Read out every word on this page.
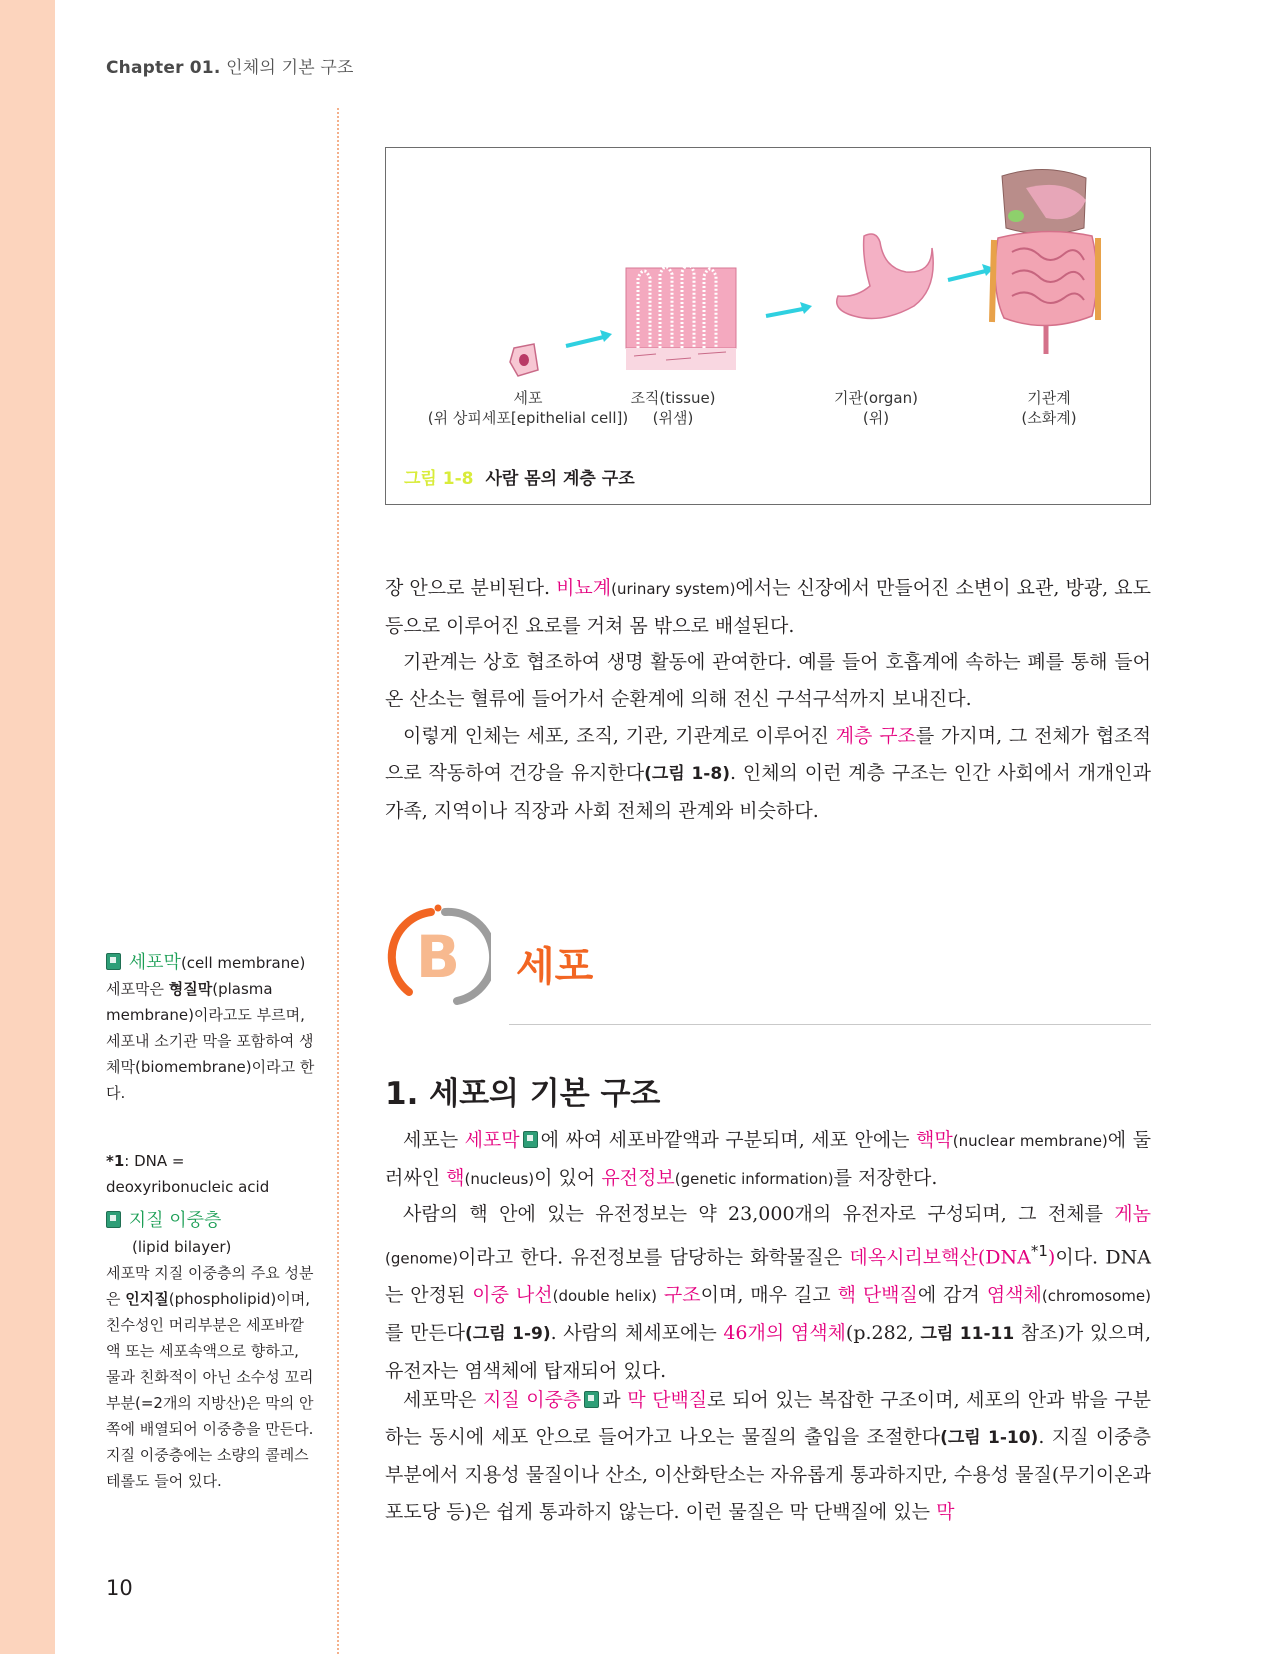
Chapter 01. 인체의 기본 구조
세포
(위 상피세포[epithelial cell])
조직(tissue)
(위샘)
기관(organ)
(위)
기관계
(소화계)
그림 1-8 사람 몸의 계층 구조
장 안으로 분비된다. 비뇨계(urinary system)에서는 신장에서 만들어진 소변이 요관, 방광, 요도 등으로 이루어진 요로를 거쳐 몸 밖으로 배설된다.
기관계는 상호 협조하여 생명 활동에 관여한다. 예를 들어 호흡계에 속하는 폐를 통해 들어온 산소는 혈류에 들어가서 순환계에 의해 전신 구석구석까지 보내진다.
이렇게 인체는 세포, 조직, 기관, 기관계로 이루어진 계층 구조를 가지며, 그 전체가 협조적으로 작동하여 건강을 유지한다(그림 1-8). 인체의 이런 계층 구조는 인간 사회에서 개개인과 가족, 지역이나 직장과 사회 전체의 관계와 비슷하다.
B	세포
1. 세포의 기본 구조
세포는 세포막 에 싸여 세포바깥액과 구분되며, 세포 안에는 핵막(nuclear membrane)에 둘러싸인 핵(nucleus)이 있어 유전정보(genetic information)를 저장한다.
사람의 핵 안에 있는 유전정보는 약 23,000개의 유전자로 구성되며, 그 전체를 게놈(genome)이라고 한다. 유전정보를 담당하는 화학물질은 데옥시리보핵산(DNA$^{*1}$)이다. DNA는 안정된 이중 나선(double helix) 구조이며, 매우 길고 핵 단백질에 감겨 염색체(chromosome)를 만든다(그림 1-9). 사람의 체세포에는 46개의 염색체(p.282, 그림 11-11 참조)가 있으며, 유전자는 염색체에 탑재되어 있다.
세포막은 지질 이중층 과 막 단백질로 되어 있는 복잡한 구조이며, 세포의 안과 밖을 구분하는 동시에 세포 안으로 들어가고 나오는 물질의 출입을 조절한다(그림 1-10). 지질 이중층 부분에서 지용성 물질이나 산소, 이산화탄소는 자유롭게 통과하지만, 수용성 물질(무기이온과 포도당 등)은 쉽게 통과하지 않는다. 이런 물질은 막 단백질에 있는 막
세포막(cell membrane)
세포막은 형질막(plasma membrane)이라고도 부르며, 세포내 소기관 막을 포함하여 생체막(biomembrane)이라고 한다.
*1: DNA = deoxyribonucleic acid
지질 이중층
(lipid bilayer)
세포막 지질 이중층의 주요 성분은 인지질(phospholipid)이며, 친수성인 머리부분은 세포바깥액 또는 세포속액으로 향하고, 물과 친화적이 아닌 소수성 꼬리부분(=2개의 지방산)은 막의 안쪽에 배열되어 이중층을 만든다. 지질 이중층에는 소량의 콜레스테롤도 들어 있다.
10
